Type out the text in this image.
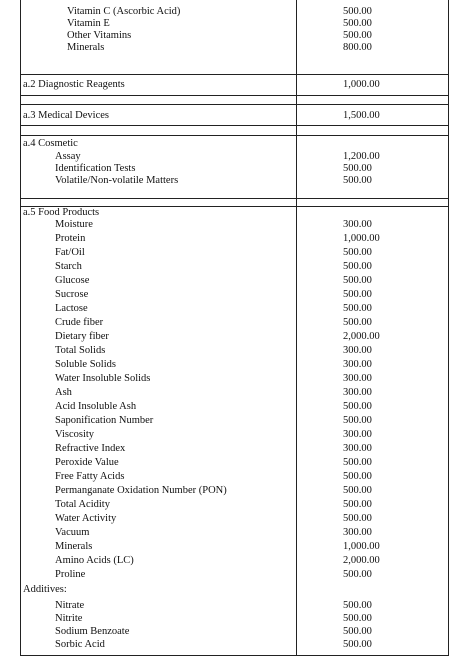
Vitamin C (Ascorbic Acid)	500.00
Vitamin E	500.00
Other Vitamins	500.00
Minerals	800.00
a.2 Diagnostic Reagents	1,000.00
a.3 Medical Devices	1,500.00
a.4 Cosmetic
Assay	1,200.00
Identification Tests	500.00
Volatile/Non-volatile Matters	500.00
a.5 Food Products
Moisture	300.00
Protein	1,000.00
Fat/Oil	500.00
Starch	500.00
Glucose	500.00
Sucrose	500.00
Lactose	500.00
Crude fiber	500.00
Dietary fiber	2,000.00
Total Solids	300.00
Soluble Solids	300.00
Water Insoluble Solids	300.00
Ash	300.00
Acid Insoluble Ash	500.00
Saponification Number	500.00
Viscosity	300.00
Refractive Index	300.00
Peroxide Value	500.00
Free Fatty Acids	500.00
Permanganate Oxidation Number (PON)	500.00
Total Acidity	500.00
Water Activity	500.00
Vacuum	300.00
Minerals	1,000.00
Amino Acids (LC)	2,000.00
Proline	500.00
Additives:
Nitrate	500.00
Nitrite	500.00
Sodium Benzoate	500.00
Sorbic Acid	500.00
